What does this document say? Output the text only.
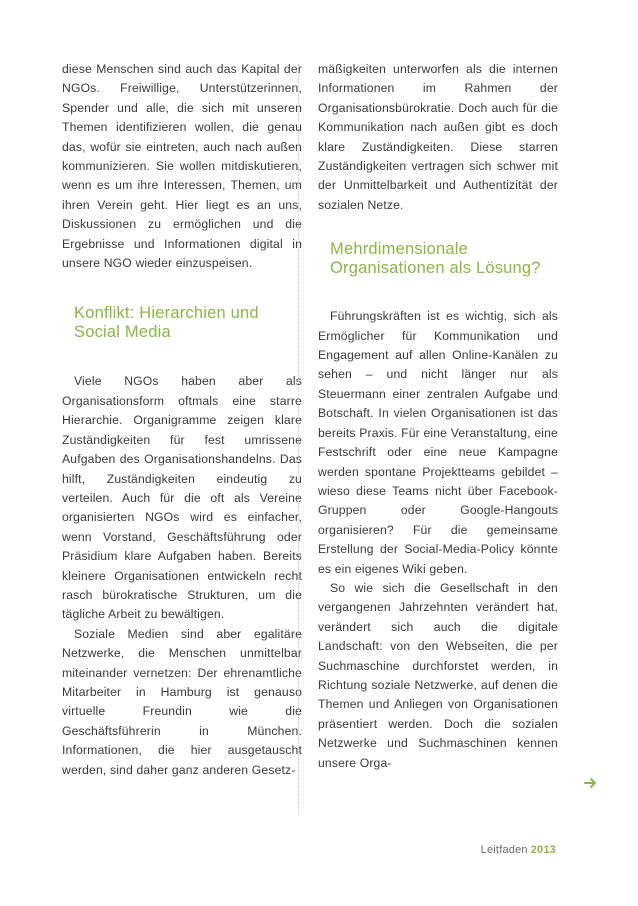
diese Menschen sind auch das Kapital der NGOs. Freiwillige, Unterstützerinnen, Spender und alle, die sich mit unseren Themen identifizieren wollen, die genau das, wofür sie eintreten, auch nach außen kommunizieren. Sie wollen mitdiskutieren, wenn es um ihre Interessen, Themen, um ihren Verein geht. Hier liegt es an uns, Diskussionen zu ermöglichen und die Ergebnisse und Informationen digital in unsere NGO wieder einzuspeisen.

Konflikt: Hierarchien und Social Media

Viele NGOs haben aber als Organisationsform oftmals eine starre Hierarchie. Organigramme zeigen klare Zuständigkeiten für fest umrissene Aufgaben des Organisationshandelns. Das hilft, Zuständigkeiten eindeutig zu verteilen. Auch für die oft als Vereine organisierten NGOs wird es einfacher, wenn Vorstand, Geschäftsführung oder Präsidium klare Aufgaben haben. Bereits kleinere Organisationen entwickeln recht rasch bürokratische Strukturen, um die tägliche Arbeit zu bewältigen.

Soziale Medien sind aber egalitäre Netzwerke, die Menschen unmittelbar miteinander vernetzen: Der ehrenamtliche Mitarbeiter in Hamburg ist genauso virtuelle Freundin wie die Geschäftsführerin in München. Informationen, die hier ausgetauscht werden, sind daher ganz anderen Gesetz-

mäßigkeiten unterworfen als die internen Informationen im Rahmen der Organisationsbürokratie. Doch auch für die Kommunikation nach außen gibt es doch klare Zuständigkeiten. Diese starren Zuständigkeiten vertragen sich schwer mit der Unmittelbarkeit und Authentizität der sozialen Netze.

Mehrdimensionale Organisationen als Lösung?

Führungskräften ist es wichtig, sich als Ermöglicher für Kommunikation und Engagement auf allen Online-Kanälen zu sehen – und nicht länger nur als Steuermann einer zentralen Aufgabe und Botschaft. In vielen Organisationen ist das bereits Praxis. Für eine Veranstaltung, eine Festschrift oder eine neue Kampagne werden spontane Projektteams gebildet – wieso diese Teams nicht über Facebook-Gruppen oder Google-Hangouts organisieren? Für die gemeinsame Erstellung der Social-Media-Policy könnte es ein eigenes Wiki geben.

So wie sich die Gesellschaft in den vergangenen Jahrzehnten verändert hat, verändert sich auch die digitale Landschaft: von den Webseiten, die per Suchmaschine durchforstet werden, in Richtung soziale Netzwerke, auf denen die Themen und Anliegen von Organisationen präsentiert werden. Doch die sozialen Netzwerke und Suchmaschinen kennen unsere Orga-

Leitfaden 2013
